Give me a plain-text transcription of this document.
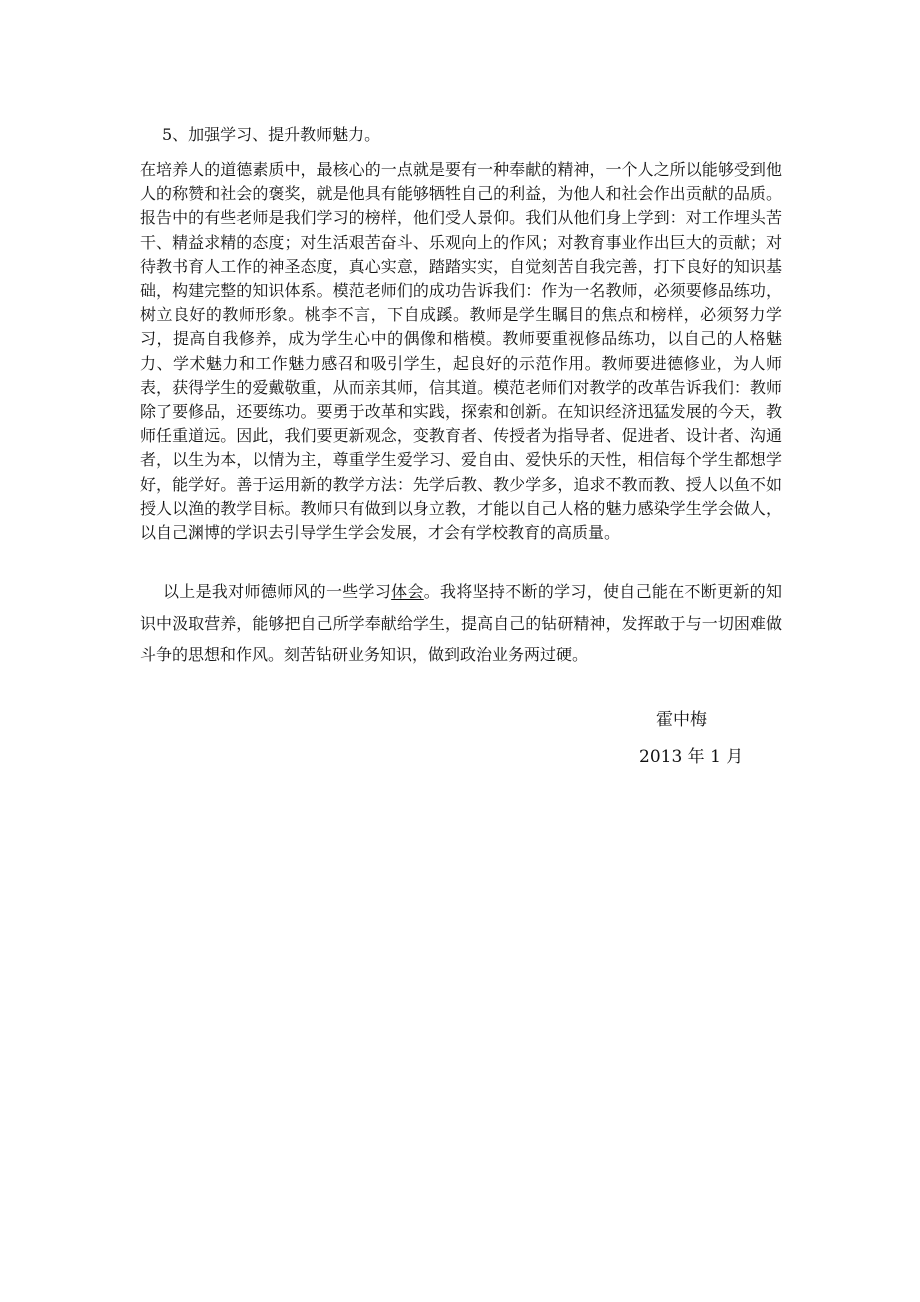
5、加强学习、提升教师魅力。
在培养人的道德素质中，最核心的一点就是要有一种奉献的精神，一个人之所以能够受到他人的称赞和社会的褒奖，就是他具有能够牺牲自己的利益，为他人和社会作出贡献的品质。报告中的有些老师是我们学习的榜样，他们受人景仰。我们从他们身上学到：对工作埋头苦干、精益求精的态度；对生活艰苦奋斗、乐观向上的作风；对教育事业作出巨大的贡献；对待教书育人工作的神圣态度，真心实意，踏踏实实，自觉刻苦自我完善，打下良好的知识基础，构建完整的知识体系。模范老师们的成功告诉我们：作为一名教师，必须要修品练功，树立良好的教师形象。桃李不言，下自成蹊。教师是学生瞩目的焦点和榜样，必须努力学习，提高自我修养，成为学生心中的偶像和楷模。教师要重视修品练功，以自己的人格魅力、学术魅力和工作魅力感召和吸引学生，起良好的示范作用。教师要进德修业，为人师表，获得学生的爱戴敬重，从而亲其师，信其道。模范老师们对教学的改革告诉我们：教师除了要修品，还要练功。要勇于改革和实践，探索和创新。在知识经济迅猛发展的今天，教师任重道远。因此，我们要更新观念，变教育者、传授者为指导者、促进者、设计者、沟通者，以生为本，以情为主，尊重学生爱学习、爱自由、爱快乐的天性，相信每个学生都想学好，能学好。善于运用新的教学方法：先学后教、教少学多，追求不教而教、授人以鱼不如授人以渔的教学目标。教师只有做到以身立教，才能以自己人格的魅力感染学生学会做人，以自己渊博的学识去引导学生学会发展，才会有学校教育的高质量。
以上是我对师德师风的一些学习体会。我将坚持不断的学习，使自己能在不断更新的知识中汲取营养，能够把自己所学奉献给学生，提高自己的钻研精神，发挥敢于与一切困难做斗争的思想和作风。刻苦钻研业务知识，做到政治业务两过硬。
霍中梅
2013 年 1 月
